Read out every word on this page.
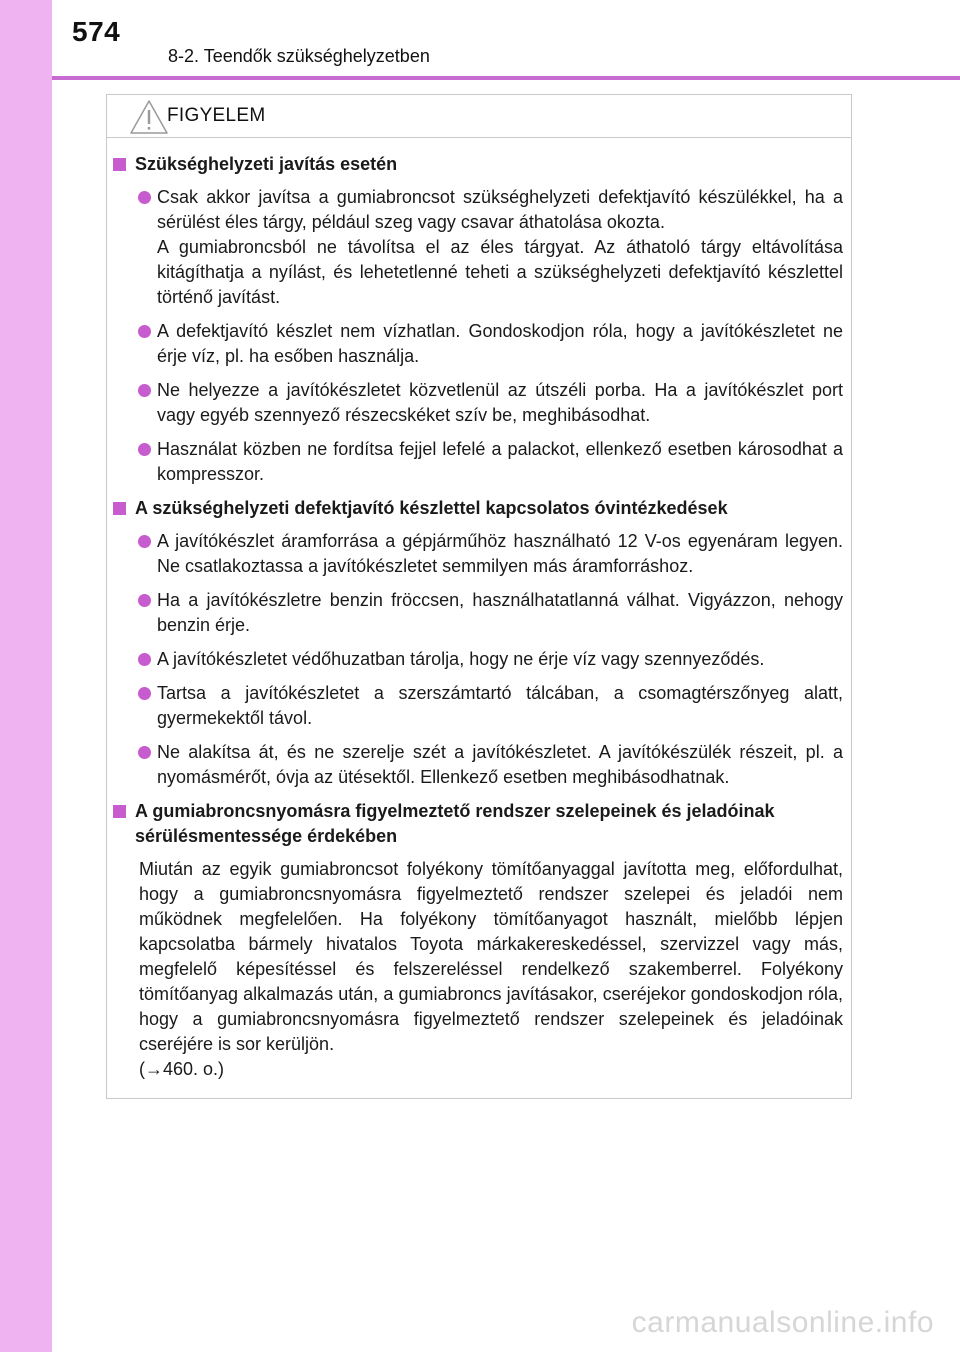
574
8-2. Teendők szükséghelyzetben
FIGYELEM
Szükséghelyzeti javítás esetén

Csak akkor javítsa a gumiabroncsot szükséghelyzeti defektjavító készülékkel, ha a sérülést éles tárgy, például szeg vagy csavar áthatolása okozta.

A gumiabroncsból ne távolítsa el az éles tárgyat. Az áthatoló tárgy eltávolítása kitágíthatja a nyílást, és lehetetlenné teheti a szükséghelyzeti defektjavító készlettel történő javítást.

A defektjavító készlet nem vízhatlan. Gondoskodjon róla, hogy a javítókészletet ne érje víz, pl. ha esőben használja.

Ne helyezze a javítókészletet közvetlenül az útszéli porba. Ha a javítókészlet port vagy egyéb szennyező részecskéket szív be, meghibásodhat.

Használat közben ne fordítsa fejjel lefelé a palackot, ellenkező esetben károsodhat a kompresszor.

A szükséghelyzeti defektjavító készlettel kapcsolatos óvintézkedések

A javítókészlet áramforrása a gépjárműhöz használható 12 V-os egyenáram legyen. Ne csatlakoztassa a javítókészletet semmilyen más áramforráshoz.

Ha a javítókészletre benzin fröccsen, használhatatlanná válhat. Vigyázzon, nehogy benzin érje.

A javítókészletet védőhuzatban tárolja, hogy ne érje víz vagy szennyeződés.

Tartsa a javítókészletet a szerszámtartó tálcában, a csomagtérszőnyeg alatt, gyermekektől távol.

Ne alakítsa át, és ne szerelje szét a javítókészletet. A javítókészülék részeit, pl. a nyomásmérőt, óvja az ütésektől. Ellenkező esetben meghibásodhatnak.

A gumiabroncsnyomásra figyelmeztető rendszer szelepeinek és jeladóinak sérülésmentessége érdekében

Miután az egyik gumiabroncsot folyékony tömítőanyaggal javította meg, előfordulhat, hogy a gumiabroncsnyomásra figyelmeztető rendszer szelepei és jeladói nem működnek megfelelően. Ha folyékony tömítőanyagot használt, mielőbb lépjen kapcsolatba bármely hivatalos Toyota márkakereskedéssel, szervizzel vagy más, megfelelő képesítéssel és felszereléssel rendelkező szakemberrel. Folyékony tömítőanyag alkalmazás után, a gumiabroncs javításakor, cseréjekor gondoskodjon róla, hogy a gumiabroncsnyomásra figyelmeztető rendszer szelepeinek és jeladóinak cseréjére is sor kerüljön.

(→460. o.)

carmanualsonline.info
